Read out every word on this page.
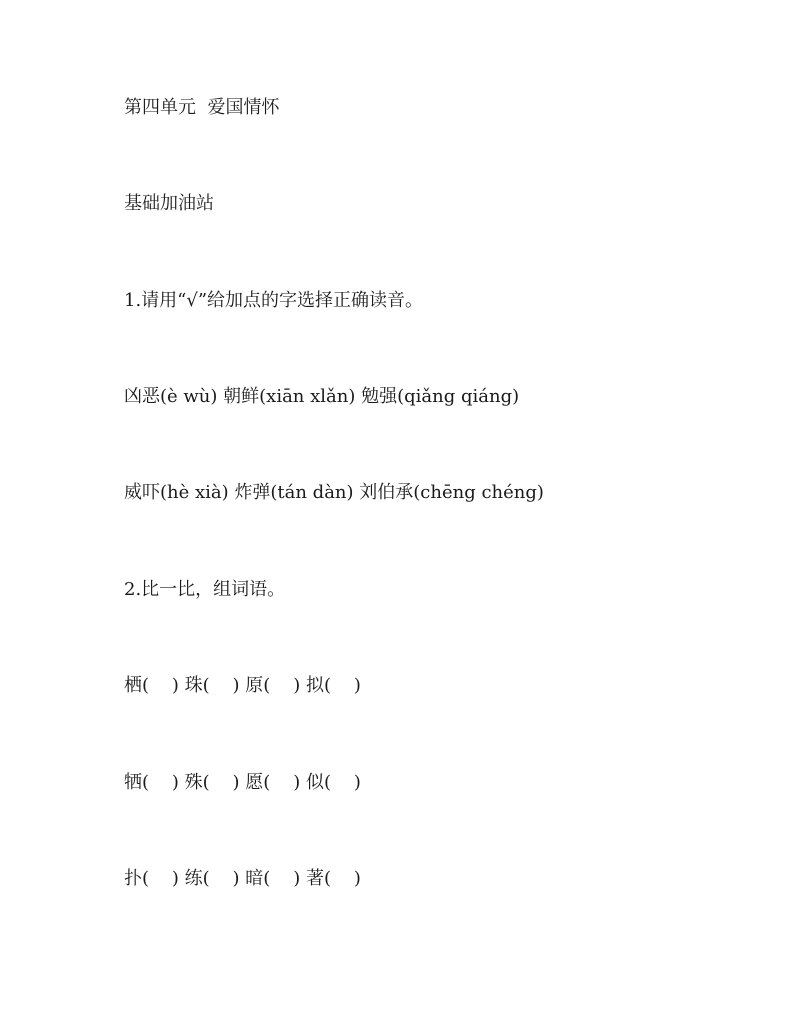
第四单元  爱国情怀
基础加油站
1.请用“√”给加点的字选择正确读音。
凶恶(è wù) 朝鲜(xiān xlǎn) 勉强(qiǎng qiáng)
威吓(hè xià) 炸弹(tán dàn) 刘伯承(chēng chéng)
2.比一比，组词语。
栖(    ) 珠(    ) 原(    ) 拟(    )
牺(    ) 殊(    ) 愿(    ) 似(    )
扑(    ) 练(    ) 暗(    ) 著(    )
